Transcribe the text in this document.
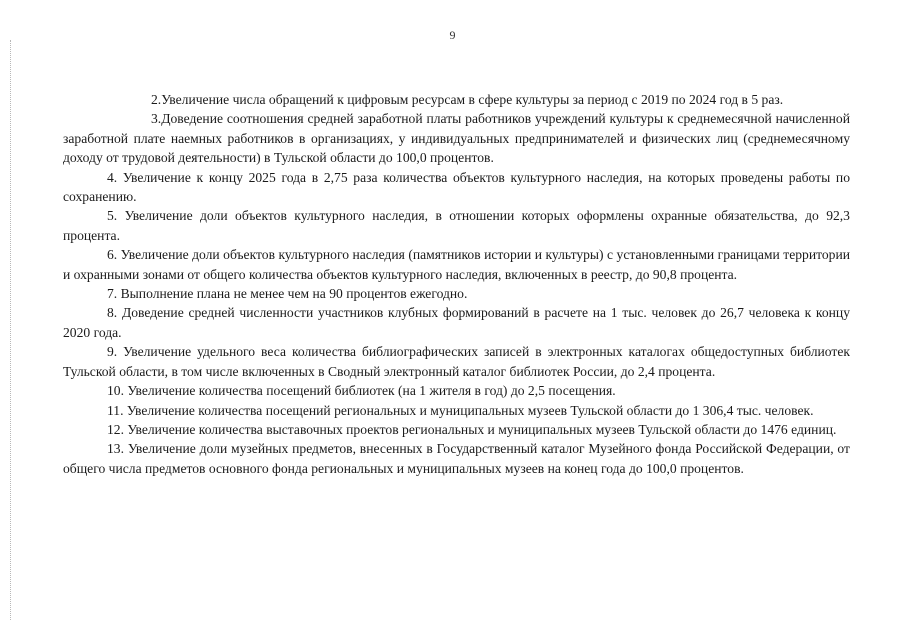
9

2.Увеличение числа обращений к цифровым ресурсам в сфере культуры за период с 2019 по 2024 год в 5 раз.

3.Доведение соотношения средней заработной платы работников учреждений культуры к среднемесячной начисленной заработной плате наемных работников в организациях, у индивидуальных предпринимателей и физических лиц (среднемесячному доходу от трудовой деятельности) в Тульской области до 100,0 процентов.

4. Увеличение к концу 2025 года в 2,75 раза количества объектов культурного наследия, на которых проведены работы по сохранению.

5. Увеличение доли объектов культурного наследия, в отношении которых оформлены охранные обязательства, до 92,3 процента.

6. Увеличение доли объектов культурного наследия (памятников истории и культуры) с установленными границами территории и охранными зонами от общего количества объектов культурного наследия, включенных в реестр, до 90,8 процента.

7. Выполнение плана не менее чем на 90 процентов ежегодно.

8. Доведение средней численности участников клубных формирований в расчете на 1 тыс. человек до 26,7 человека к концу 2020 года.

9. Увеличение удельного веса количества библиографических записей в электронных каталогах общедоступных библиотек Тульской области, в том числе включенных в Сводный электронный каталог библиотек России, до 2,4 процента.

10. Увеличение количества посещений библиотек (на 1 жителя в год) до 2,5 посещения.

11. Увеличение количества посещений региональных и муниципальных музеев Тульской области до 1 306,4 тыс. человек.

12. Увеличение количества выставочных проектов региональных и муниципальных музеев Тульской области до 1476 единиц.

13. Увеличение доли музейных предметов, внесенных в Государственный каталог Музейного фонда Российской Федерации, от общего числа предметов основного фонда региональных и муниципальных музеев на конец года до 100,0 процентов.
